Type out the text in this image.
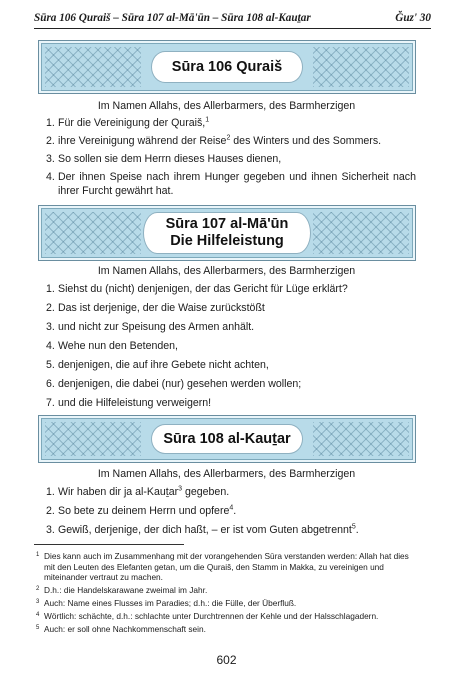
Sūra 106 Quraiš – Sūra 107 al-Mā'ūn – Sūra 108 al-Kauṯar	Ğuz' 30
Sūra 106 Quraiš
Im Namen Allahs, des Allerbarmers, des Barmherzigen
1. Für die Vereinigung der Quraiš,$^1$
2. ihre Vereinigung während der Reise$^2$ des Winters und des Sommers.
3. So sollen sie dem Herrn dieses Hauses dienen,
4. Der ihnen Speise nach ihrem Hunger gegeben und ihnen Sicherheit nach ihrer Furcht gewährt hat.
Sūra 107 al-Mā'ūn
Die Hilfeleistung
Im Namen Allahs, des Allerbarmers, des Barmherzigen
1. Siehst du (nicht) denjenigen, der das Gericht für Lüge erklärt?
2. Das ist derjenige, der die Waise zurückstößt
3. und nicht zur Speisung des Armen anhält.
4. Wehe nun den Betenden,
5. denjenigen, die auf ihre Gebete nicht achten,
6. denjenigen, die dabei (nur) gesehen werden wollen;
7. und die Hilfeleistung verweigern!
Sūra 108 al-Kauṯar
Im Namen Allahs, des Allerbarmers, des Barmherzigen
1. Wir haben dir ja al-Kauṯar$^3$ gegeben.
2. So bete zu deinem Herrn und opfere$^4$.
3. Gewiß, derjenige, der dich haßt, – er ist vom Guten abgetrennt$^5$.
1 Dies kann auch im Zusammenhang mit der vorangehenden Sūra verstanden werden: Allah hat dies mit den Leuten des Elefanten getan, um die Quraiš, den Stamm in Makka, zu vereinigen und miteinander vertraut zu machen.
2 D.h.: die Handelskarawane zweimal im Jahr.
3 Auch: Name eines Flusses im Paradies; d.h.: die Fülle, der Überfluß.
4 Wörtlich: schächte, d.h.: schlachte unter Durchtrennen der Kehle und der Halsschlagadern.
5 Auch: er soll ohne Nachkommenschaft sein.
602
